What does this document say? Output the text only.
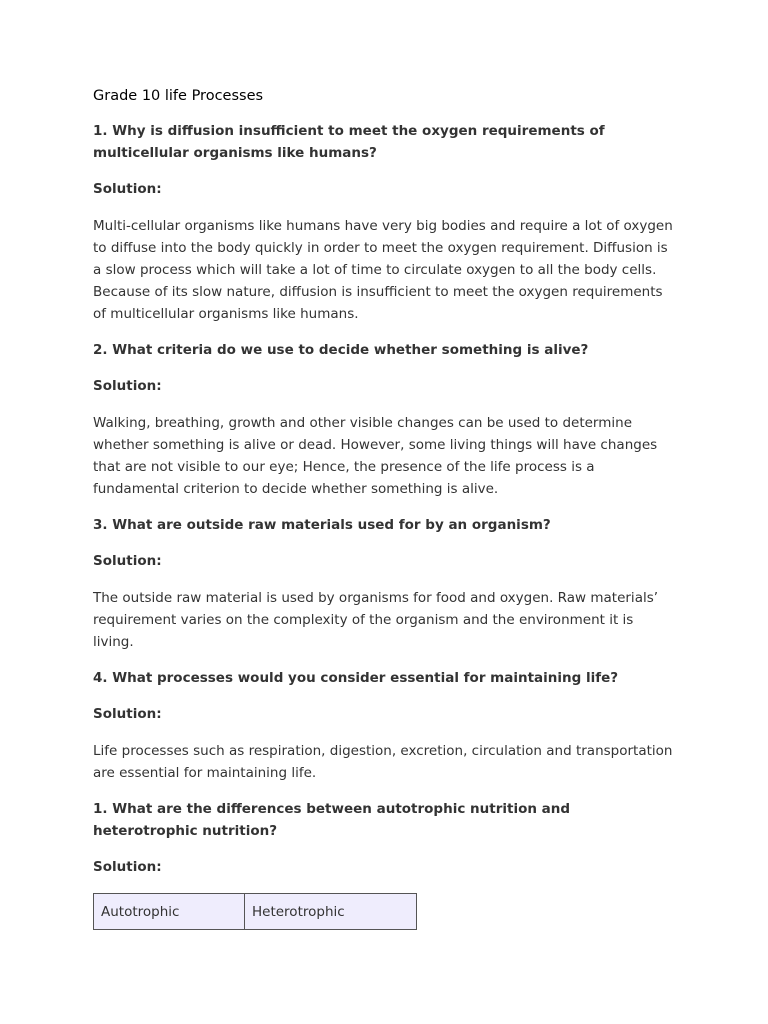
Grade 10 life Processes
1. Why is diffusion insufficient to meet the oxygen requirements of multicellular organisms like humans?
Solution:
Multi-cellular organisms like humans have very big bodies and require a lot of oxygen to diffuse into the body quickly in order to meet the oxygen requirement. Diffusion is a slow process which will take a lot of time to circulate oxygen to all the body cells. Because of its slow nature, diffusion is insufficient to meet the oxygen requirements of multicellular organisms like humans.
2. What criteria do we use to decide whether something is alive?
Solution:
Walking, breathing, growth and other visible changes can be used to determine whether something is alive or dead. However, some living things will have changes that are not visible to our eye; Hence, the presence of the life process is a fundamental criterion to decide whether something is alive.
3. What are outside raw materials used for by an organism?
Solution:
The outside raw material is used by organisms for food and oxygen. Raw materials’ requirement varies on the complexity of the organism and the environment it is living.
4. What processes would you consider essential for maintaining life?
Solution:
Life processes such as respiration, digestion, excretion, circulation and transportation are essential for maintaining life.
1. What are the differences between autotrophic nutrition and heterotrophic nutrition?
Solution:
Autotrophic	Heterotrophic
